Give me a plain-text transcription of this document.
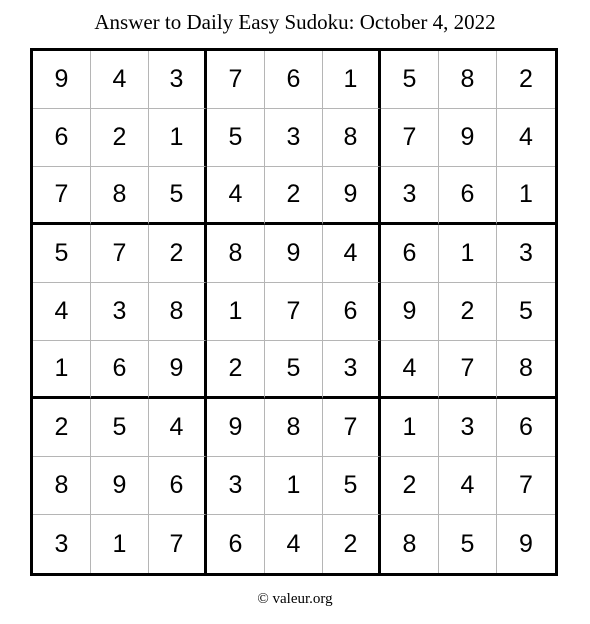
Answer to Daily Easy Sudoku: October 4, 2022
9	4	3	7	6	1	5	8	2
6	2	1	5	3	8	7	9	4
7	8	5	4	2	9	3	6	1
5	7	2	8	9	4	6	1	3
4	3	8	1	7	6	9	2	5
1	6	9	2	5	3	4	7	8
2	5	4	9	8	7	1	3	6
8	9	6	3	1	5	2	4	7
3	1	7	6	4	2	8	5	9
© valeur.org
